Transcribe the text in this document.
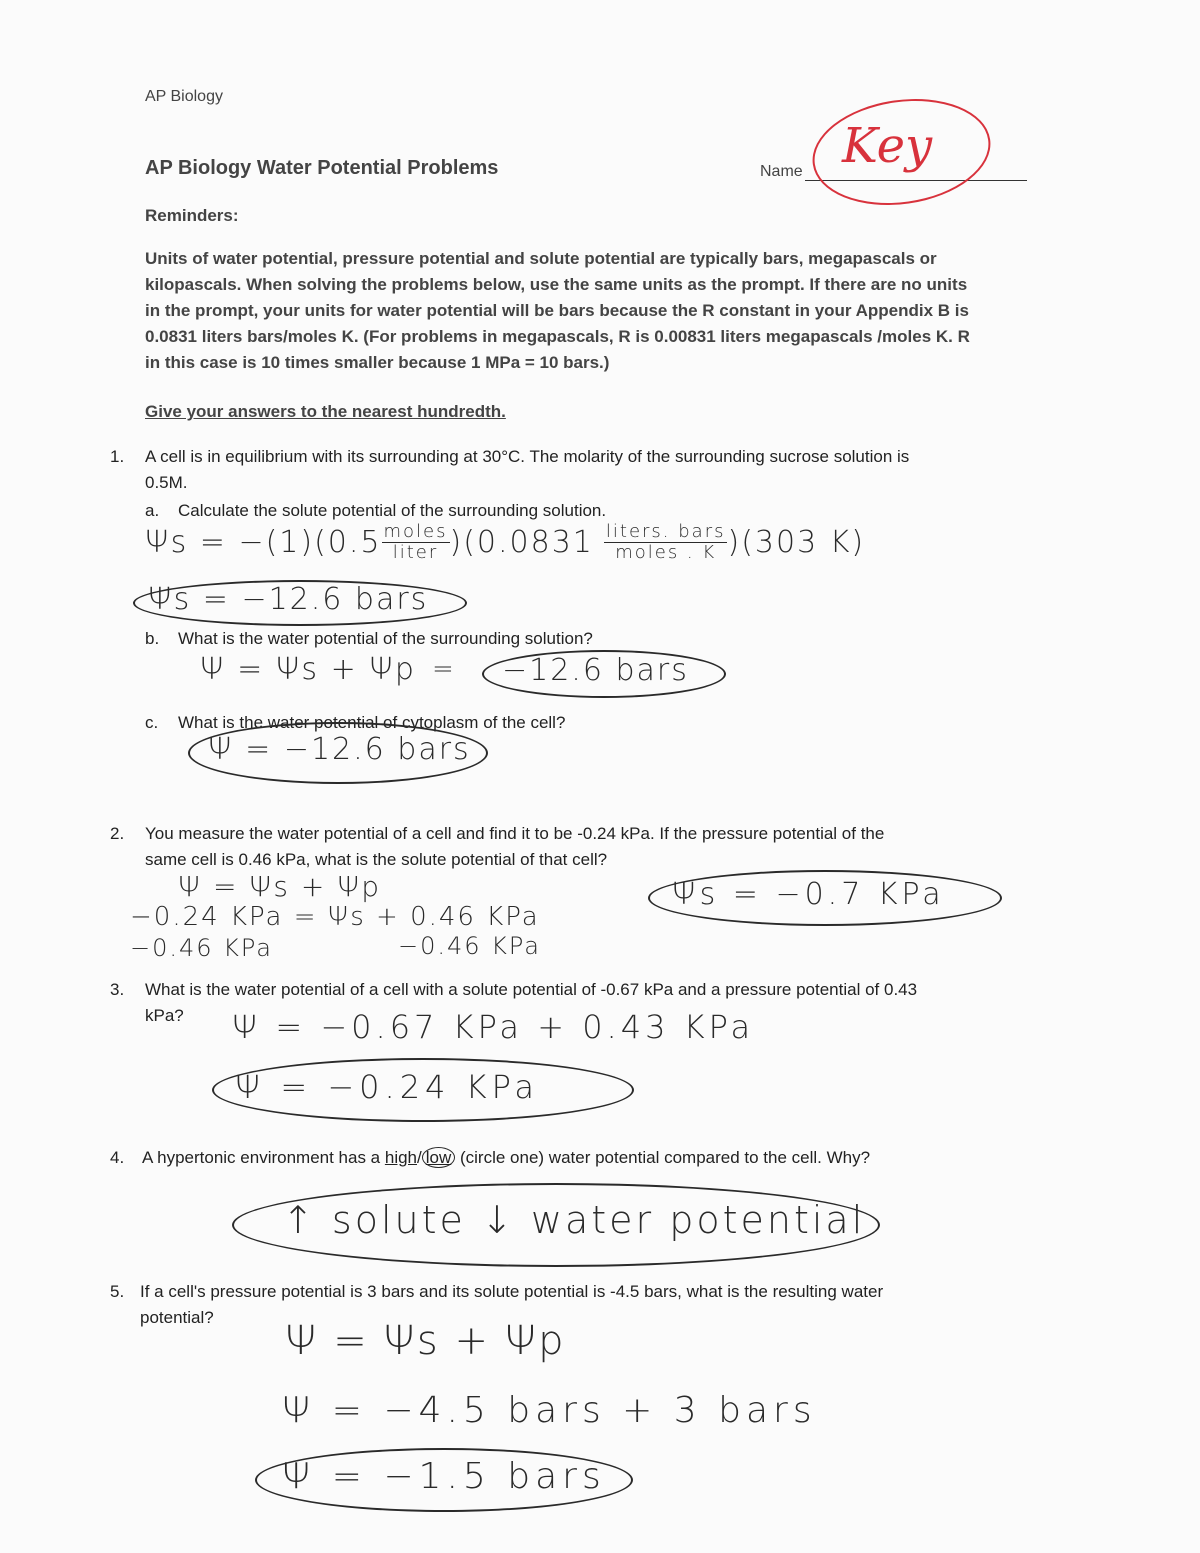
AP Biology
AP Biology Water Potential Problems	Name Key
Reminders:
Units of water potential, pressure potential and solute potential are typically bars, megapascals or
kilopascals. When solving the problems below, use the same units as the prompt. If there are no units
in the prompt, your units for water potential will be bars because the R constant in your Appendix B is
0.0831 liters bars/moles K. (For problems in megapascals, R is 0.00831 liters megapascals /moles K. R
in this case is 10 times smaller because 1 MPa = 10 bars.)
Give your answers to the nearest hundredth.
1. A cell is in equilibrium with its surrounding at 30°C. The molarity of the surrounding sucrose solution is
0.5M.
a. Calculate the solute potential of the surrounding solution.
$\Psi s = -(1)(0.5 \frac{\text{moles}}{\text{liter}} )(0.0831 \frac{\text{liters. bars}}{\text{moles . K}} )(303$ K)
Ψs = −12.6 bars
b. What is the water potential of the surrounding solution?
Ψ = Ψs + Ψp = −12.6 bars
c. What is the water potential of cytoplasm of the cell?
Ψ = −12.6 bars
2. You measure the water potential of a cell and find it to be -0.24 kPa. If the pressure potential of the
same cell is 0.46 kPa, what is the solute potential of that cell?
Ψ = Ψs + Ψp
−0.24 KPa = Ψs + 0.46 KPa
−0.46 KPa	−0.46 KPa
Ψs = −0.7 KPa
3. What is the water potential of a cell with a solute potential of -0.67 kPa and a pressure potential of 0.43
kPa?	Ψ = −0.67 KPa + 0.43 KPa
Ψ = −0.24 KPa
4. A hypertonic environment has a high/ low (circle one) water potential compared to the cell. Why?
↑ solute ↓ water potential
5. If a cell's pressure potential is 3 bars and its solute potential is -4.5 bars, what is the resulting water
potential?
Ψ = Ψs + Ψp
Ψ = −4.5 bars + 3 bars
Ψ = −1.5 bars
